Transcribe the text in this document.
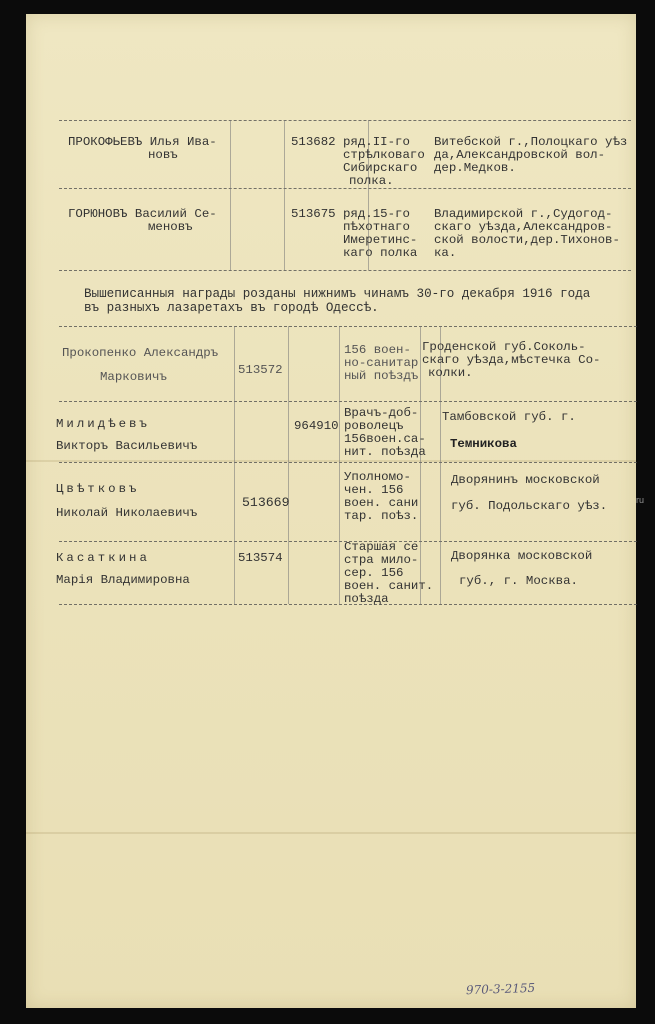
ПРОКОФЬЕВЪ Илья Ива-
новъ
513682 ряд.II-го
стрѣлковаго
Сибирскаго
полка.
Витебской г.,Полоцкаго уѣз
да,Александровской вол-
дер.Медков.
ГОРЮНОВЪ Василий Се-
меновъ
513675 ряд.15-го
пѣхотнаго
Имеретинс-
каго полка
Владимирской г.,Судогод-
скаго уѣзда,Александров-
ской волости,дер.Тихонов-
ка.
Вышеписанныя награды розданы нижнимъ чинамъ 30-го декабря 1916 года
въ разныхъ лазаретахъ въ городѣ Одессѣ.
Прокопенко Александръ
Марковичъ	513572
156 воен-
но-санитар
ный поѣздъ
Гроденской губ.Соколь-
скаго уѣзда,мѣстечка Со-
колки.
Милидѣевъ
Викторъ Васильевичъ
964910
Врачъ-доб-
роволецъ
156воен.са-
нит. поѣзда
Тамбовской губ. г.
Темникова
Цвѣтковъ
Николай Николаевичъ
513669
Уполномо-
чен. 156
воен. сани
тар. поѣз.
Дворянинъ московской
губ. Подольскаго уѣз.
Касаткина
Марія Владимировна
513574
Старшая се
стра мило-
сер. 156
воен. санит.
поѣзда
Дворянка московской
губ., г. Москва.
970-3-2155
ru
